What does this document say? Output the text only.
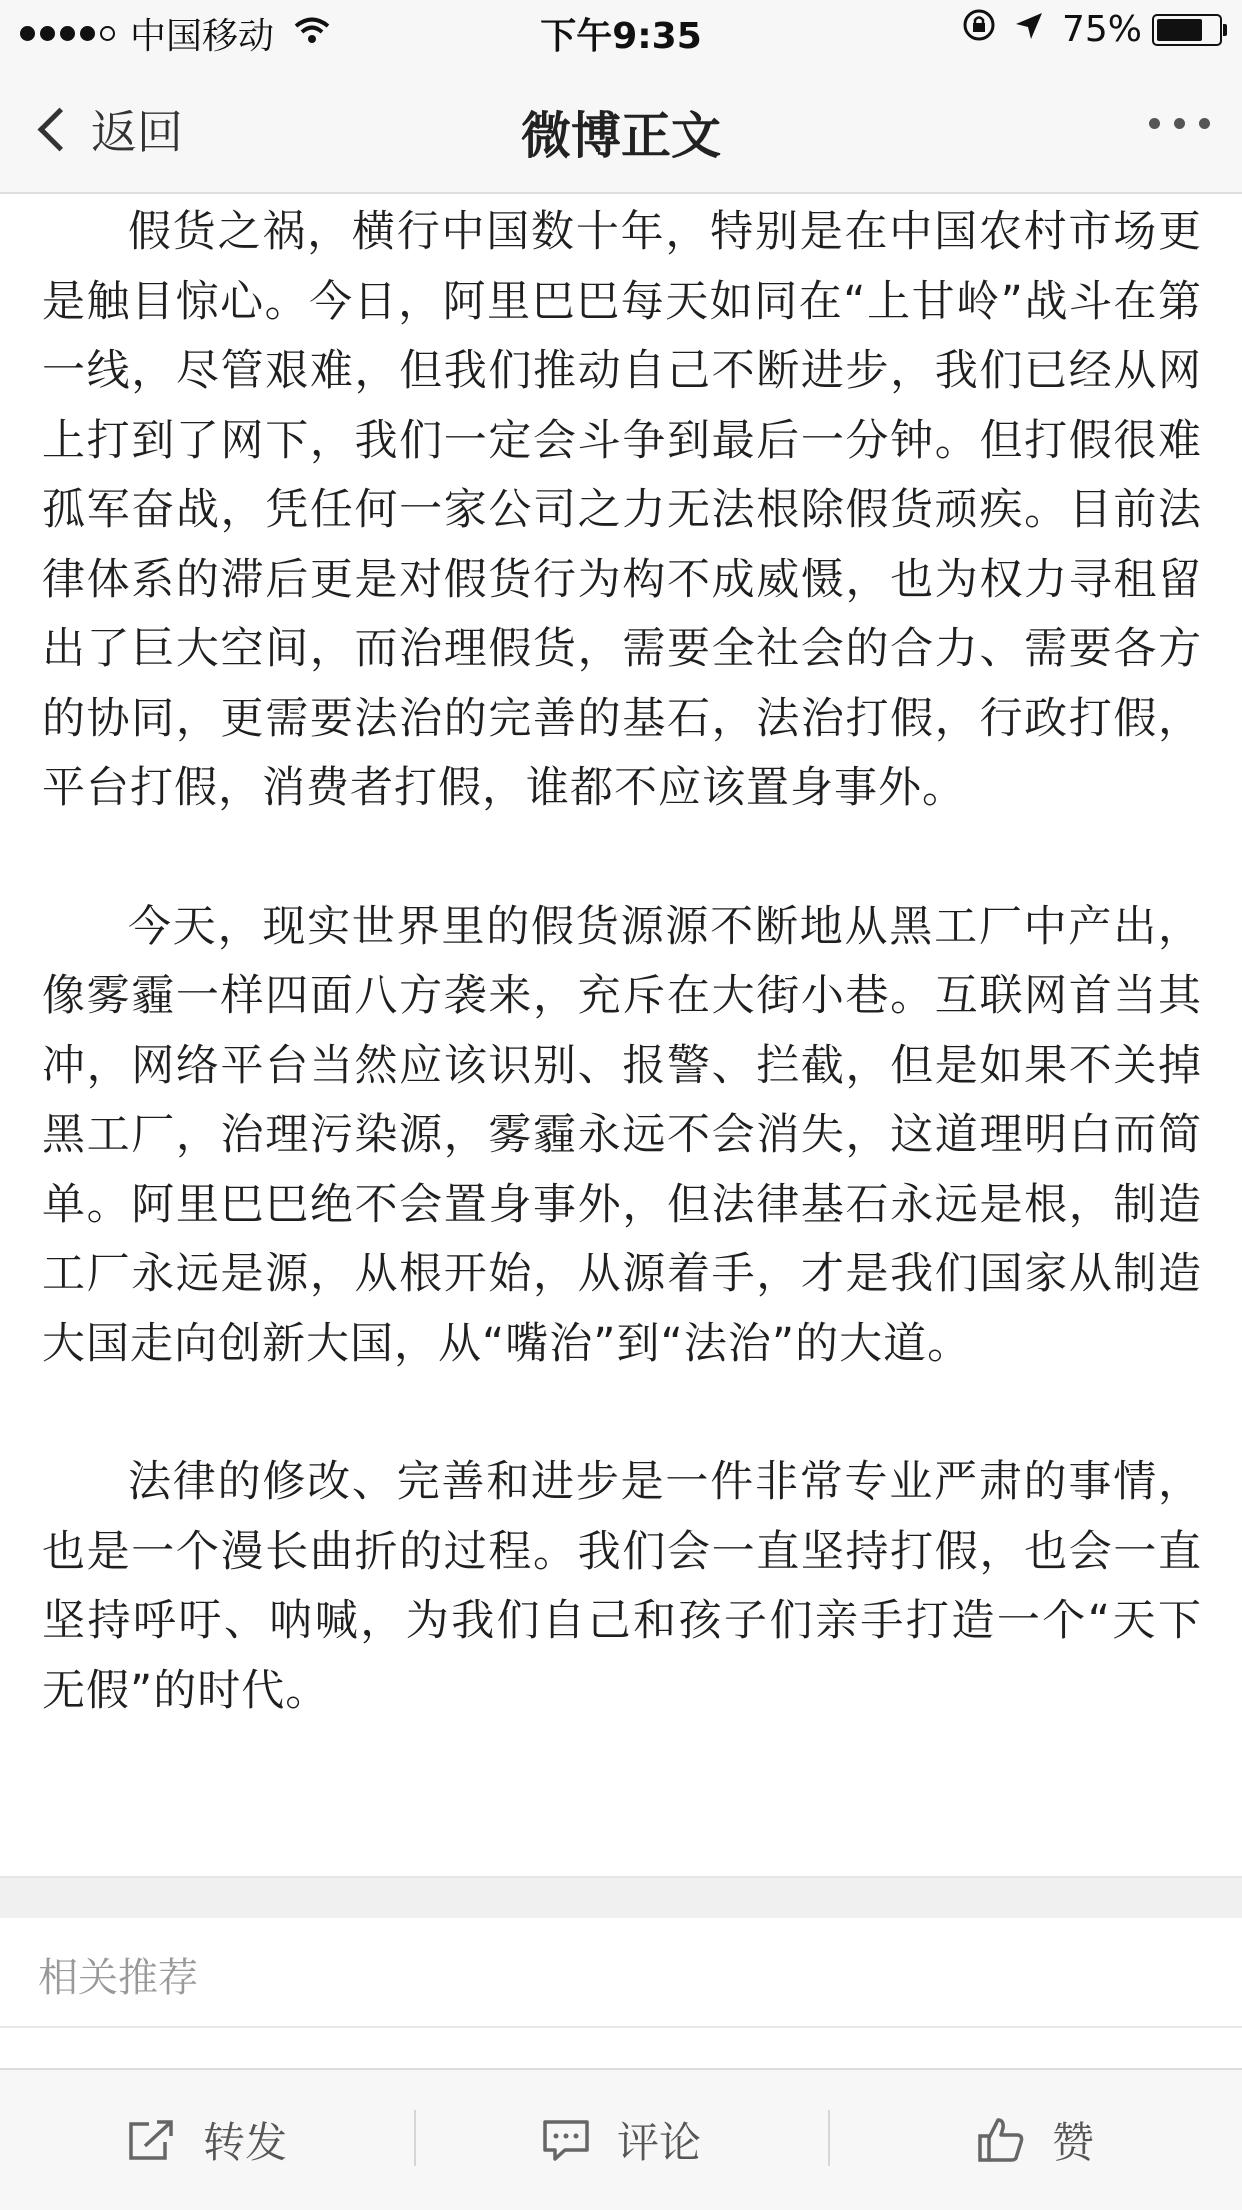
中国移动	下午9:35	75%
返回	微博正文

假货之祸，横行中国数十年，特别是在中国农村市场更是触目惊心。今日，阿里巴巴每天如同在“上甘岭”战斗在第一线，尽管艰难，但我们推动自己不断进步，我们已经从网上打到了网下，我们一定会斗争到最后一分钟。但打假很难孤军奋战，凭任何一家公司之力无法根除假货顽疾。目前法律体系的滞后更是对假货行为构不成威慑，也为权力寻租留出了巨大空间，而治理假货，需要全社会的合力、需要各方的协同，更需要法治的完善的基石，法治打假，行政打假，平台打假，消费者打假，谁都不应该置身事外。

今天，现实世界里的假货源源不断地从黑工厂中产出，像雾霾一样四面八方袭来，充斥在大街小巷。互联网首当其冲，网络平台当然应该识别、报警、拦截，但是如果不关掉黑工厂，治理污染源，雾霾永远不会消失，这道理明白而简单。阿里巴巴绝不会置身事外，但法律基石永远是根，制造工厂永远是源，从根开始，从源着手，才是我们国家从制造大国走向创新大国，从“嘴治”到“法治”的大道。

法律的修改、完善和进步是一件非常专业严肃的事情，也是一个漫长曲折的过程。我们会一直坚持打假，也会一直坚持呼吁、呐喊，为我们自己和孩子们亲手打造一个“天下无假”的时代。

相关推荐
转发	评论	赞
